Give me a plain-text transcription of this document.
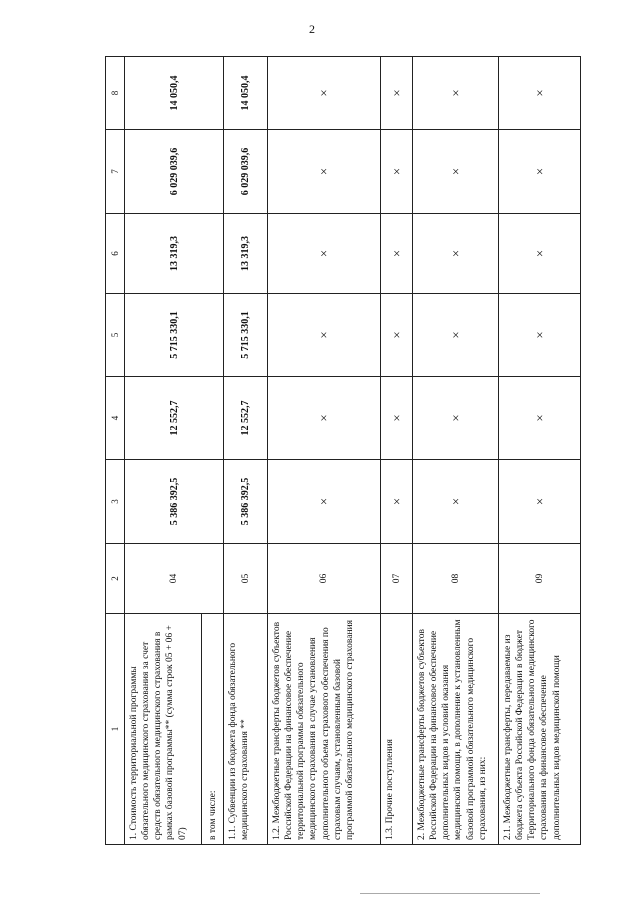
2
1	2	3	4	5	6	7	8
1. Стоимость территориальной программы обязательного медицинского страхования за счет средств обязательного медицинского страхования в рамках базовой программы** (сумма строк 05 + 06 + 07)	04	5 386 392,5	12 552,7	5 715 330,1	13 319,3	6 029 039,6	14 050,4
в том числе:							
1.1. Субвенции из бюджета фонда обязательного медицинского страхования **	05	5 386 392,5	12 552,7	5 715 330,1	13 319,3	6 029 039,6	14 050,4
1.2. Межбюджетные трансферты бюджетов субъектов Российской Федерации на финансовое обеспечение территориальной программы обязательного медицинского страхования в случае установления дополнительного объема страхового обеспечения по страховым случаям, установленным базовой программой обязательного медицинского страхования	06	×	×	×	×	×	×
1.3. Прочие поступления	07	×	×	×	×	×	×
2. Межбюджетные трансферты бюджетов субъектов Российской Федерации на финансовое обеспечение дополнительных видов и условий оказания медицинской помощи, в дополнение к установленным базовой программой обязательного медицинского страхования, из них:	08	×	×	×	×	×	×
2.1. Межбюджетные трансферты, передаваемые из бюджета субъекта Российской Федерации в бюджет Территориального фонда обязательного медицинского страхования на финансовое обеспечение дополнительных видов медицинской помощи	09	×	×	×	×	×	×
